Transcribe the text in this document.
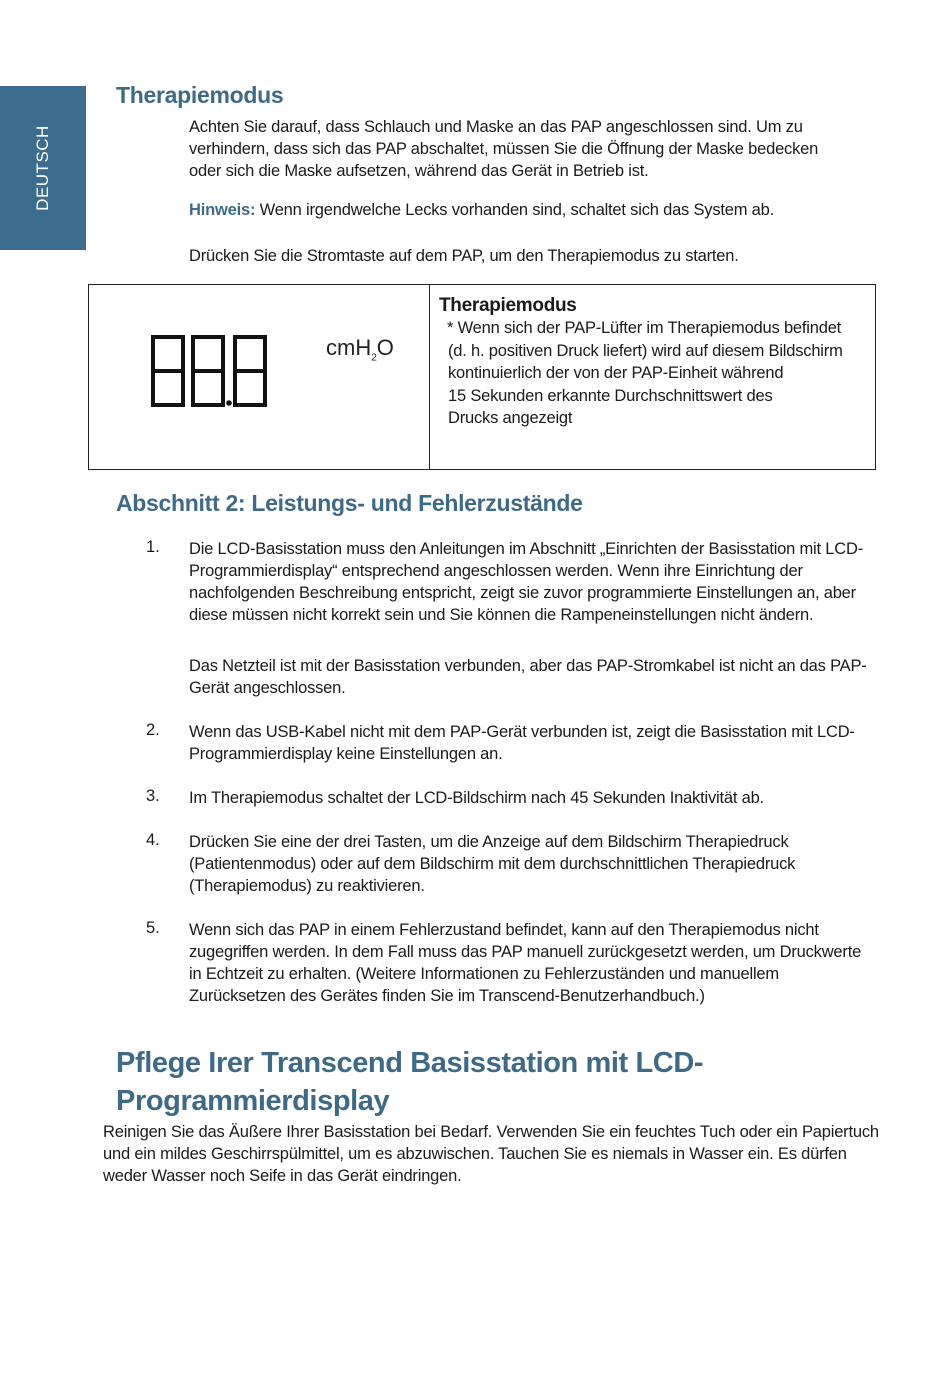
DEUTSCH
Therapiemodus

Achten Sie darauf, dass Schlauch und Maske an das PAP angeschlossen sind. Um zu verhindern, dass sich das PAP abschaltet, müssen Sie die Öffnung der Maske bedecken oder sich die Maske aufsetzen, während das Gerät in Betrieb ist.

Hinweis: Wenn irgendwelche Lecks vorhanden sind, schaltet sich das System ab.

Drücken Sie die Stromtaste auf dem PAP, um den Therapiemodus zu starten.

cmH$_2$O
Therapiemodus
* Wenn sich der PAP-Lüfter im Therapiemodus befindet
(d. h. positiven Druck liefert) wird auf diesem Bildschirm
kontinuierlich der von der PAP-Einheit während
15 Sekunden erkannte Durchschnittswert des
Drucks angezeigt
Abschnitt 2: Leistungs- und Fehlerzustände
1. Die LCD-Basisstation muss den Anleitungen im Abschnitt „Einrichten der Basisstation mit LCD-Programmierdisplay“ entsprechend angeschlossen werden. Wenn ihre Einrichtung der nachfolgenden Beschreibung entspricht, zeigt sie zuvor programmierte Einstellungen an, aber diese müssen nicht korrekt sein und Sie können die Rampeneinstellungen nicht ändern.

Das Netzteil ist mit der Basisstation verbunden, aber das PAP-Stromkabel ist nicht an das PAP-Gerät angeschlossen.

2. Wenn das USB-Kabel nicht mit dem PAP-Gerät verbunden ist, zeigt die Basisstation mit LCD-Programmierdisplay keine Einstellungen an.

3. Im Therapiemodus schaltet der LCD-Bildschirm nach 45 Sekunden Inaktivität ab.

4. Drücken Sie eine der drei Tasten, um die Anzeige auf dem Bildschirm Therapiedruck (Patientenmodus) oder auf dem Bildschirm mit dem durchschnittlichen Therapiedruck (Therapiemodus) zu reaktivieren.

5. Wenn sich das PAP in einem Fehlerzustand befindet, kann auf den Therapiemodus nicht zugegriffen werden. In dem Fall muss das PAP manuell zurückgesetzt werden, um Druckwerte in Echtzeit zu erhalten. (Weitere Informationen zu Fehlerzuständen und manuellem Zurücksetzen des Gerätes finden Sie im Transcend-Benutzerhandbuch.)

Pflege Irer Transcend Basisstation mit LCD-Programmierdisplay

Reinigen Sie das Äußere Ihrer Basisstation bei Bedarf. Verwenden Sie ein feuchtes Tuch oder ein Papiertuch und ein mildes Geschirrspülmittel, um es abzuwischen. Tauchen Sie es niemals in Wasser ein. Es dürfen weder Wasser noch Seife in das Gerät eindringen.
